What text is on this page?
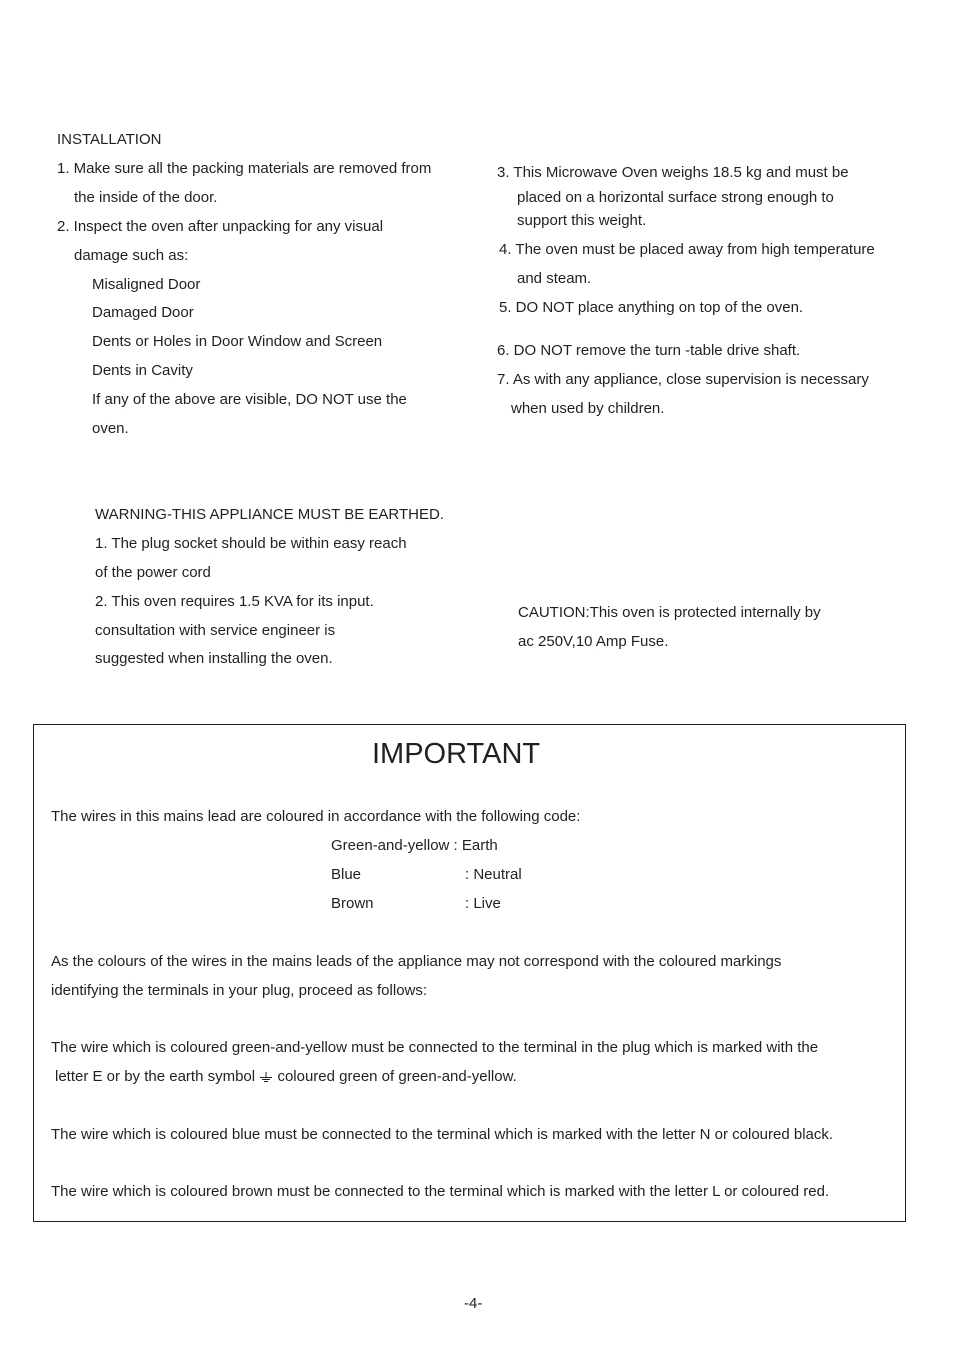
INSTALLATION
1. Make sure all the packing materials are removed from
the inside of the door.
2. Inspect the oven after unpacking for any visual
damage such as:
Misaligned Door
Damaged Door
Dents or Holes in Door Window and Screen
Dents in Cavity
If any of the above are visible, DO NOT use the
oven.
3. This Microwave Oven weighs 18.5 kg and must be
placed on a horizontal surface strong enough to
support this weight.
4. The oven must be placed away from high temperature
and steam.
5. DO NOT place anything on top of the oven.
6. DO NOT remove the turn -table drive shaft.
7. As with any appliance, close supervision is necessary
when used by children.
WARNING-THIS APPLIANCE MUST BE EARTHED.
1. The plug socket should be within easy reach
of the power cord
2. This oven requires 1.5 KVA for its input.
consultation with service engineer is
suggested when installing the oven.
CAUTION:This oven is protected internally by
ac 250V,10 Amp Fuse.
IMPORTANT
The wires in this mains lead are coloured in accordance with the following code:
Green-and-yellow : Earth
Blue	: Neutral
Brown	: Live
As the colours of the wires in the mains leads of the appliance may not correspond with the coloured markings
identifying the terminals in your plug, proceed as follows:
The wire which is coloured green-and-yellow must be connected to the terminal in the plug which is marked with the
letter E or by the earth symbol coloured green of green-and-yellow.
The wire which is coloured blue must be connected to the terminal which is marked with the letter N or coloured black.
The wire which is coloured brown must be connected to the terminal which is marked with the letter L or coloured red.
-4-
